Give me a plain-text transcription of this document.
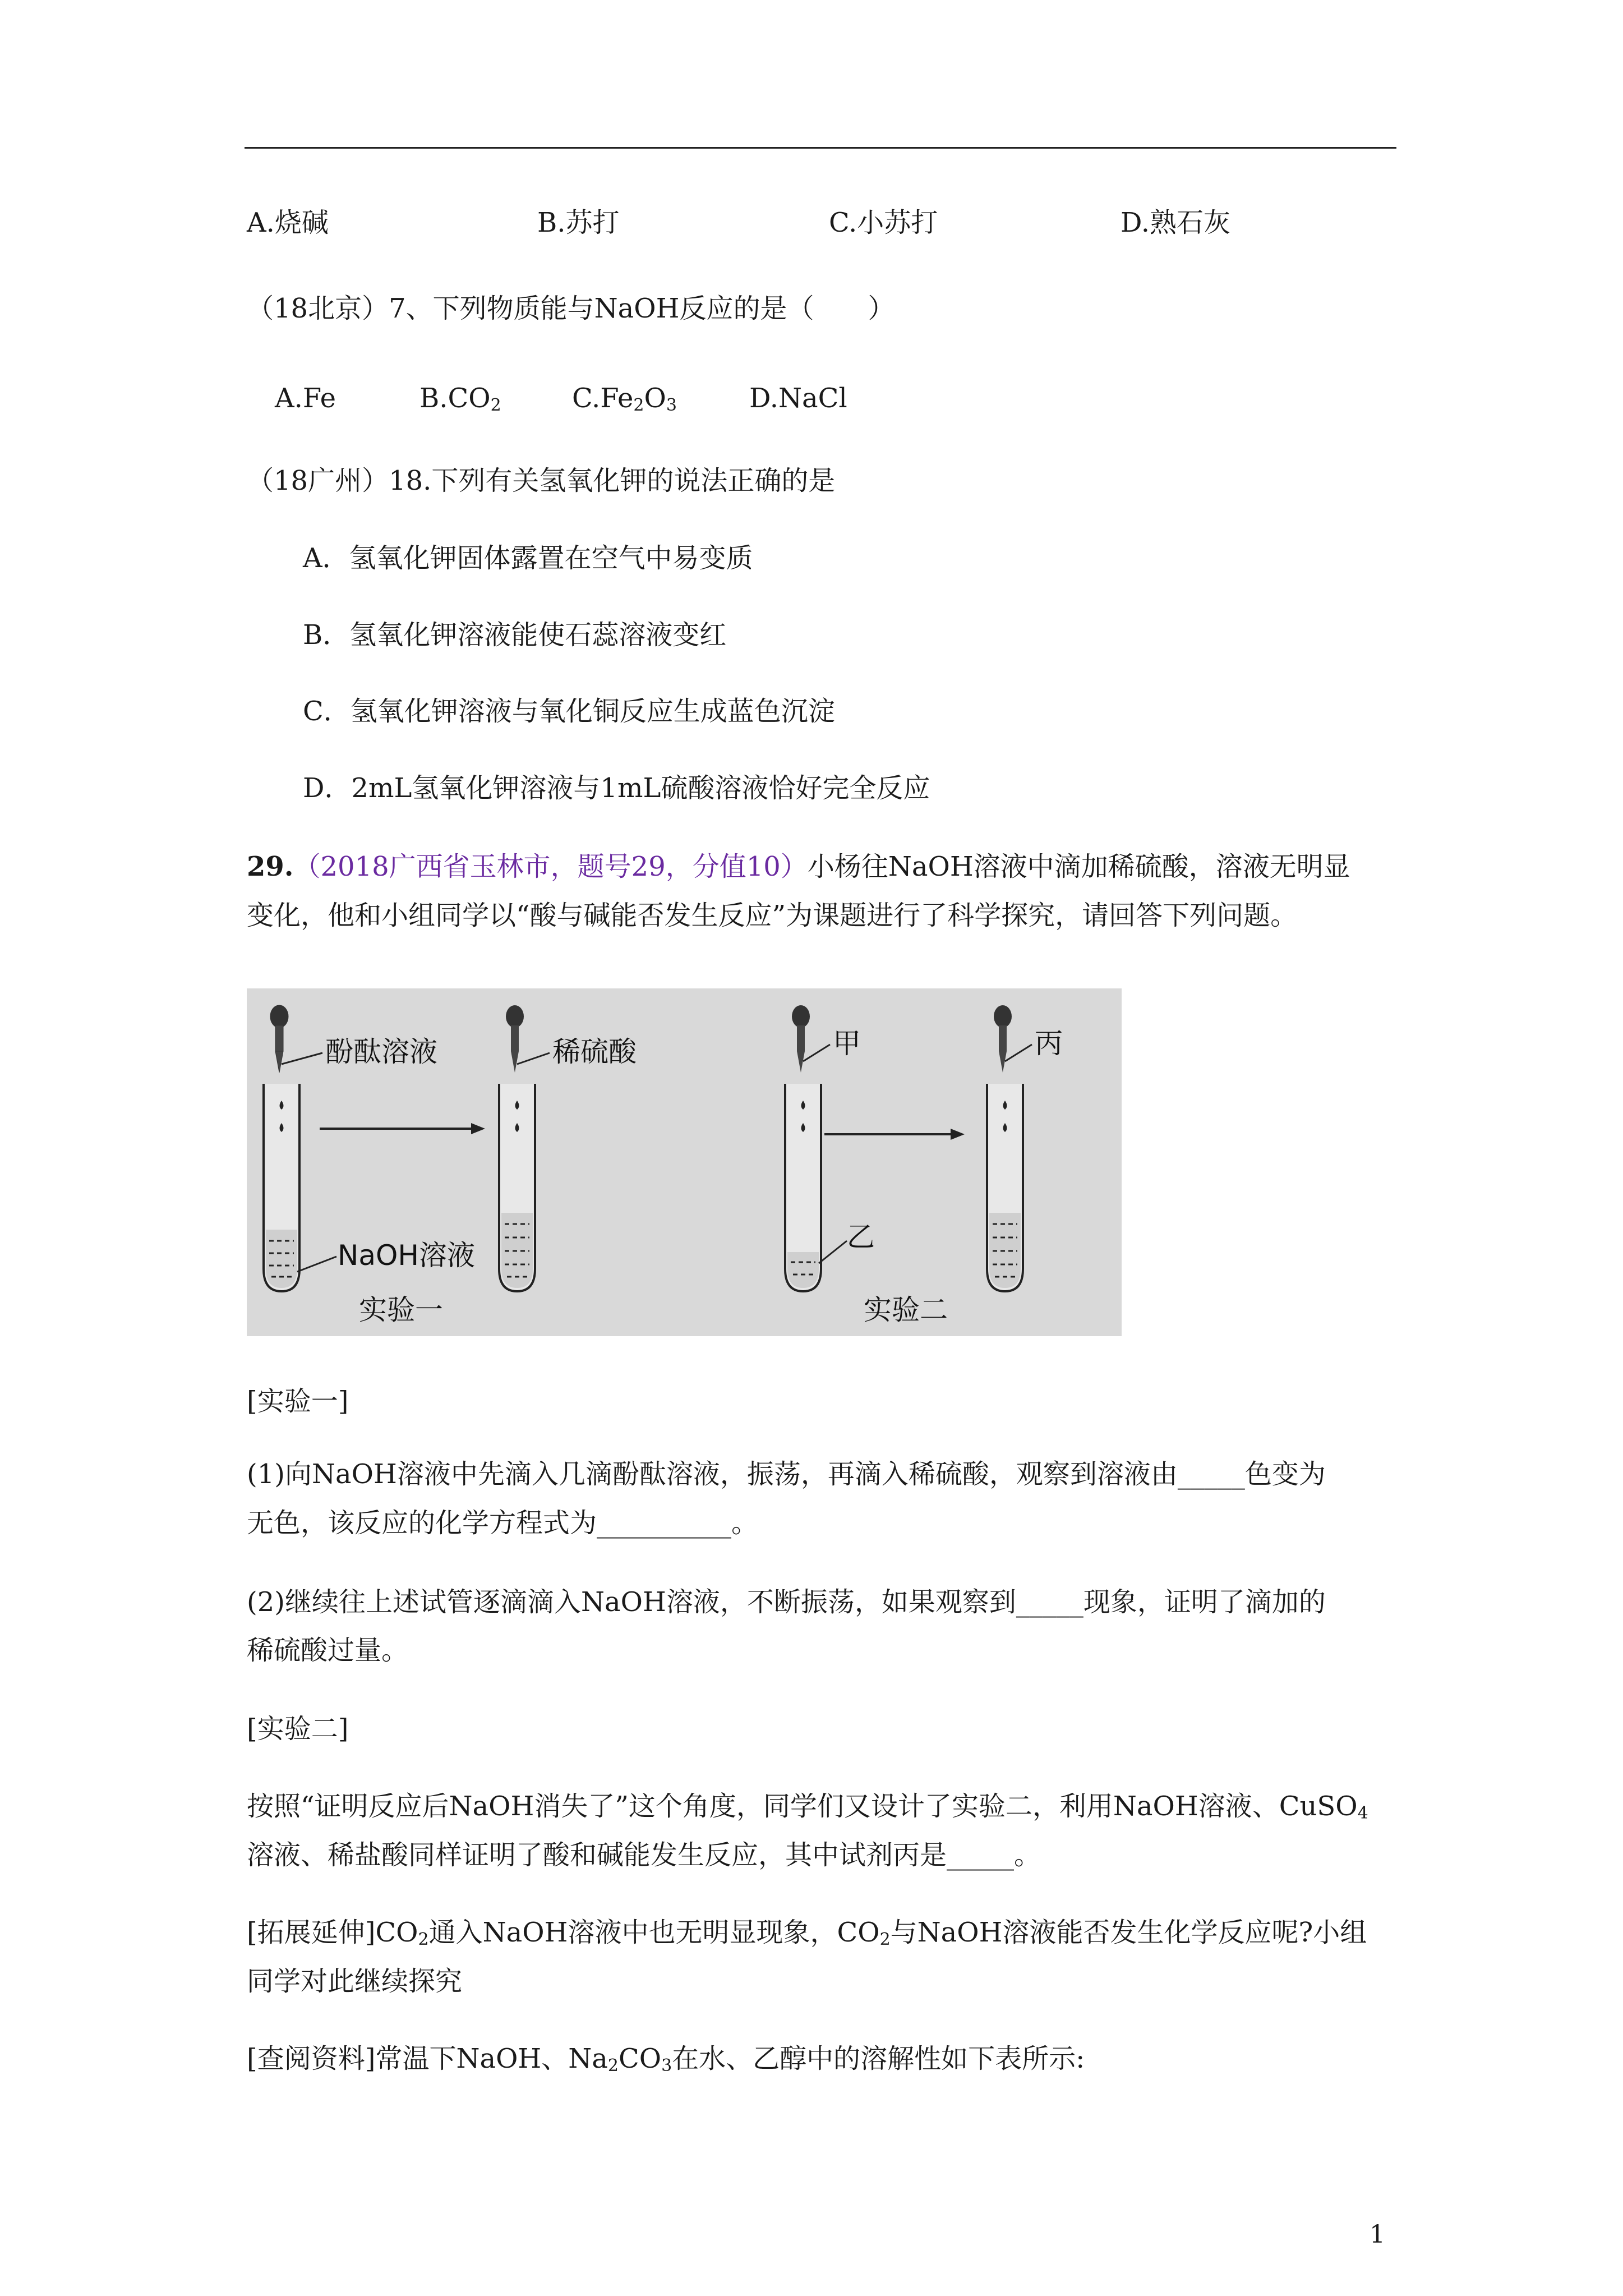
A.烧碱	B.苏打	C.小苏打	D.熟石灰
（18北京）7、下列物质能与NaOH反应的是（　　）
A.Fe	$B.CO_2$	$C.Fe_2O_3$	D.NaCl
（18广州）18.下列有关氢氧化钾的说法正确的是
A．氢氧化钾固体露置在空气中易变质
B．氢氧化钾溶液能使石蕊溶液变红
C．氢氧化钾溶液与氧化铜反应生成蓝色沉淀
D．2mL氢氧化钾溶液与1mL硫酸溶液恰好完全反应
29.（2018广西省玉林市，题号29，分值10）小杨往NaOH溶液中滴加稀硫酸，溶液无明显
变化，他和小组同学以“酸与碱能否发生反应”为课题进行了科学探究，请回答下列问题。
酚酞溶液
NaOH溶液
实验一
稀硫酸	甲
乙
实验二
丙
[实验一]
(1)向NaOH溶液中先滴入几滴酚酞溶液，振荡，再滴入稀硫酸，观察到溶液由_____色变为
无色，该反应的化学方程式为__________。
(2)继续往上述试管逐滴滴入NaOH溶液，不断振荡，如果观察到_____现象，证明了滴加的
稀硫酸过量。
[实验二]
按照“证明反应后NaOH消失了”这个角度，同学们又设计了实验二，利用NaOH溶液、CuSO$_4$
溶液、稀盐酸同样证明了酸和碱能发生反应，其中试剂丙是_____。
[拓展延伸]$CO_2$通入NaOH溶液中也无明显现象，$CO_2$与NaOH溶液能否发生化学反应呢?小组
同学对此继续探究
[查阅资料]常温下NaOH、$Na_2CO_3$在水、乙醇中的溶解性如下表所示:
1
